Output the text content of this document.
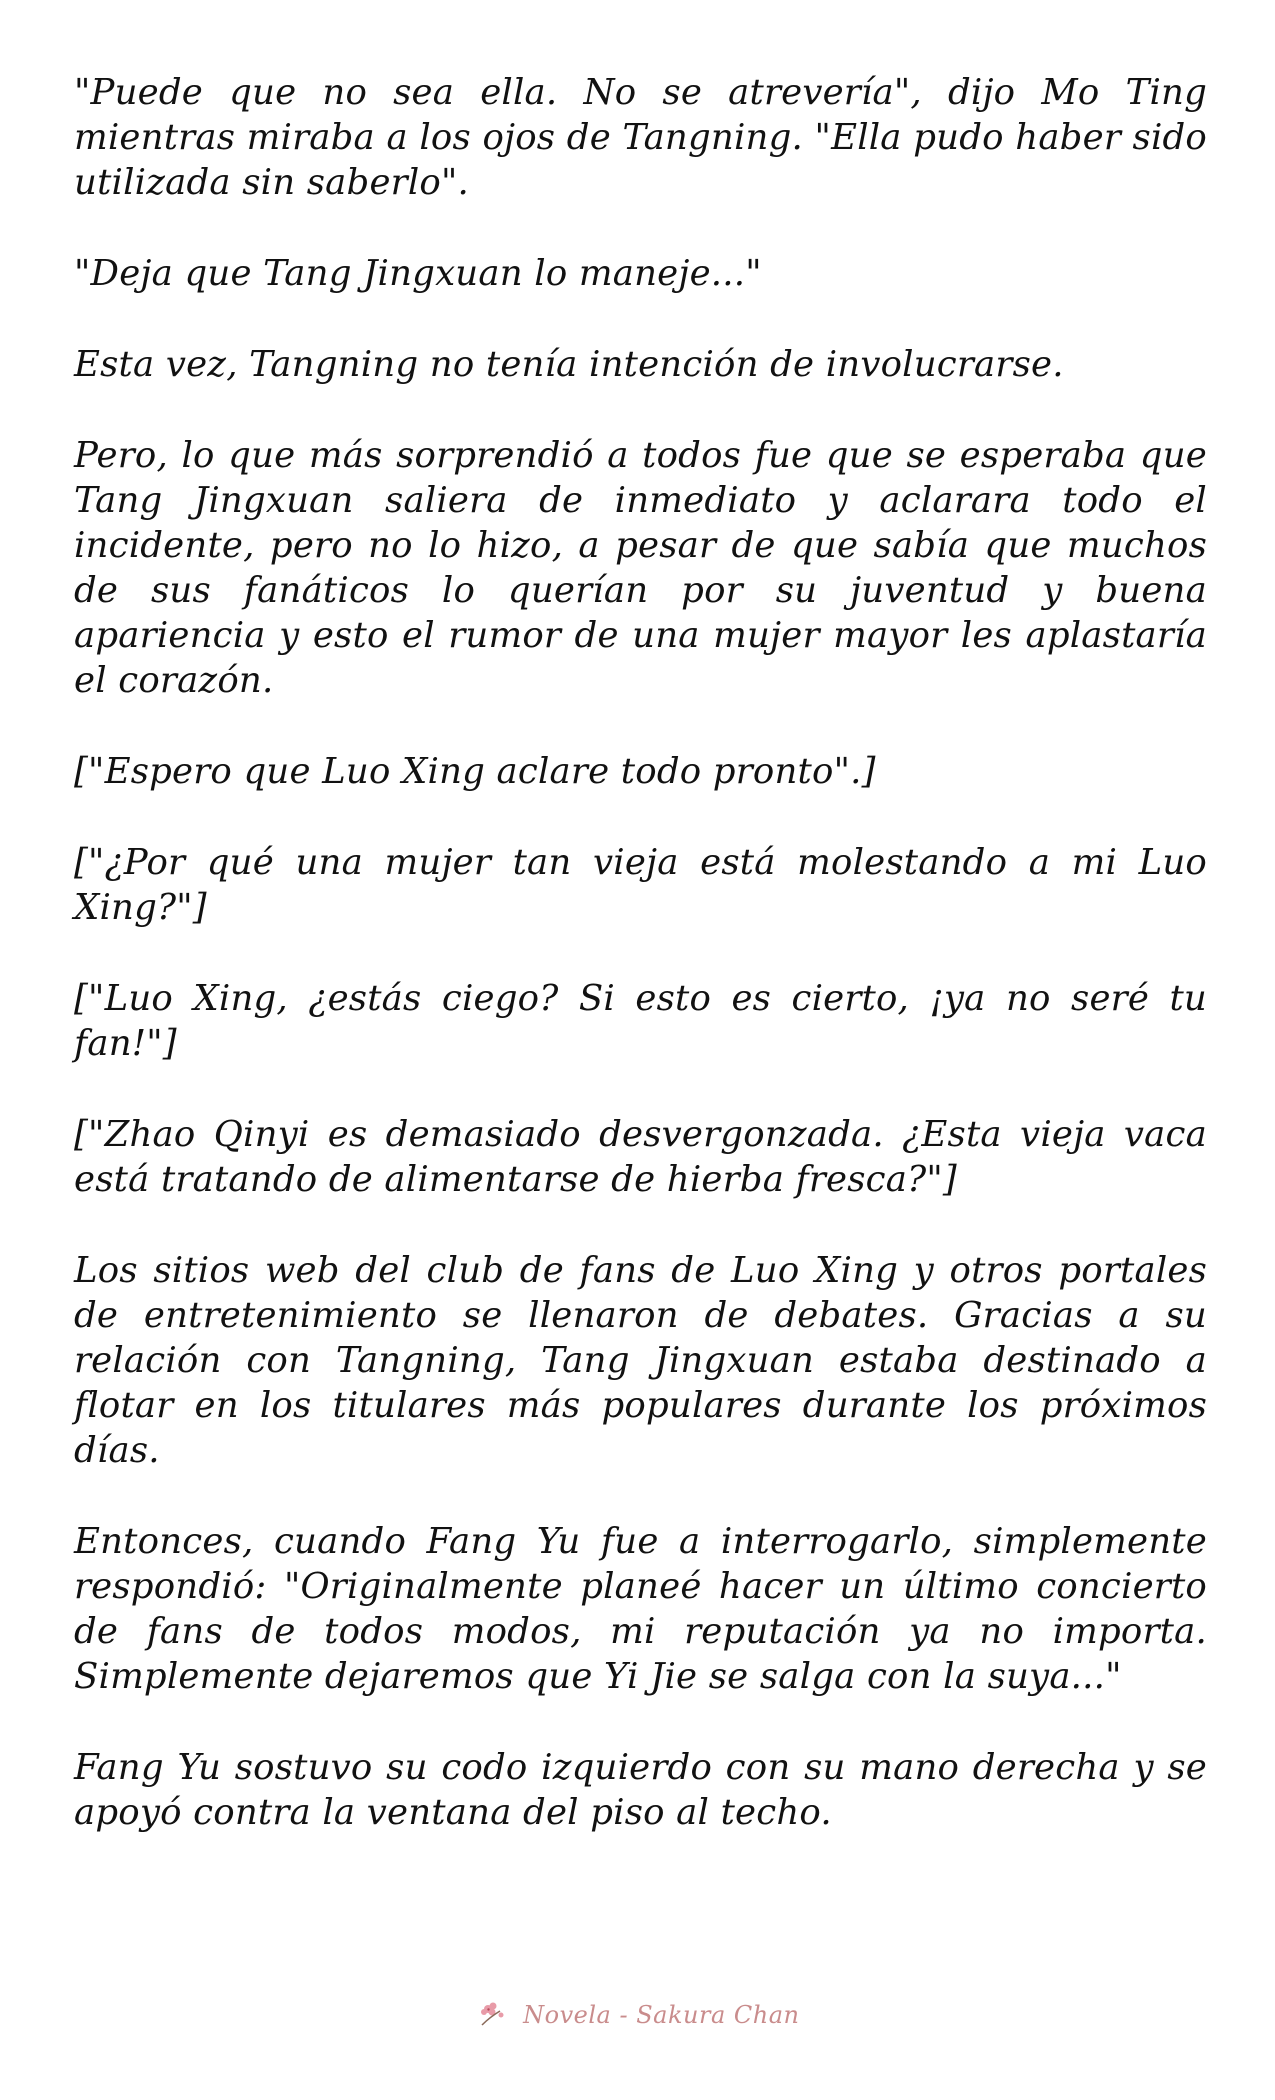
"Puede que no sea ella. No se atrevería", dijo Mo Ting mientras miraba a los ojos de Tangning. "Ella pudo haber sido utilizada sin saberlo".

"Deja que Tang Jingxuan lo maneje..."

Esta vez, Tangning no tenía intención de involucrarse.

Pero, lo que más sorprendió a todos fue que se esperaba que Tang Jingxuan saliera de inmediato y aclarara todo el incidente, pero no lo hizo, a pesar de que sabía que muchos de sus fanáticos lo querían por su juventud y buena apariencia y esto el rumor de una mujer mayor les aplastaría el corazón.

["Espero que Luo Xing aclare todo pronto".]

["¿Por qué una mujer tan vieja está molestando a mi Luo Xing?"]

["Luo Xing, ¿estás ciego? Si esto es cierto, ¡ya no seré tu fan!"]

["Zhao Qinyi es demasiado desvergonzada. ¿Esta vieja vaca está tratando de alimentarse de hierba fresca?"]

Los sitios web del club de fans de Luo Xing y otros portales de entretenimiento se llenaron de debates. Gracias a su relación con Tangning, Tang Jingxuan estaba destinado a flotar en los titulares más populares durante los próximos días.

Entonces, cuando Fang Yu fue a interrogarlo, simplemente respondió: "Originalmente planeé hacer un último concierto de fans de todos modos, mi reputación ya no importa. Simplemente dejaremos que Yi Jie se salga con la suya..."

Fang Yu sostuvo su codo izquierdo con su mano derecha y se apoyó contra la ventana del piso al techo.

Novela - Sakura Chan
